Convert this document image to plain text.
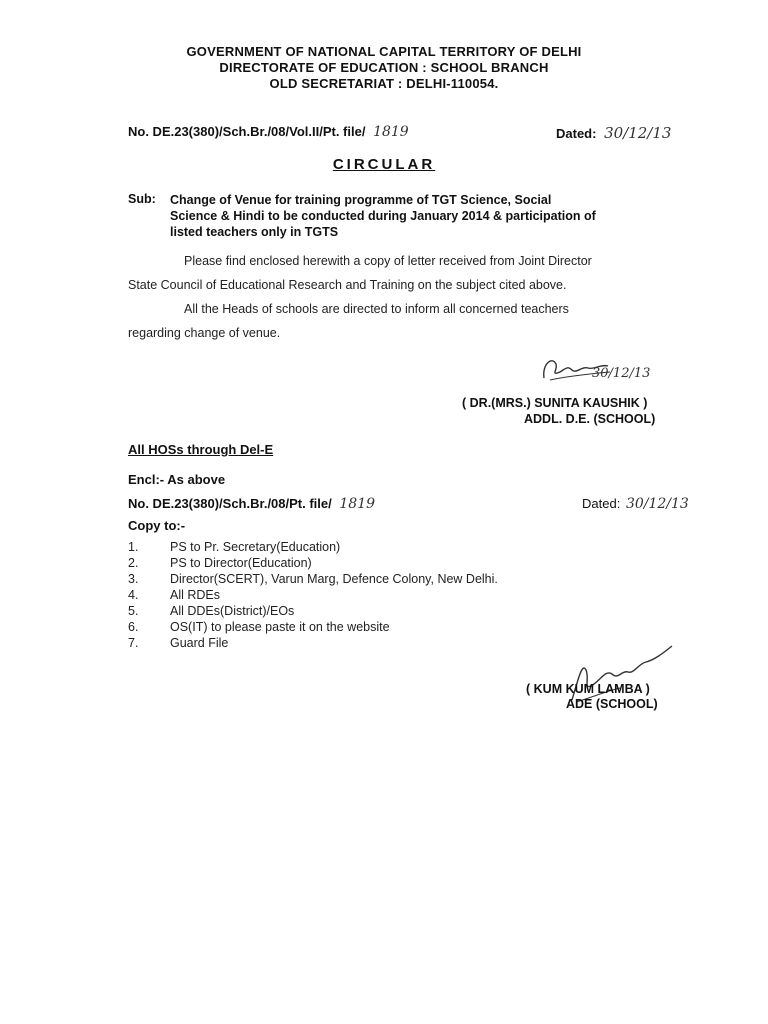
GOVERNMENT OF NATIONAL CAPITAL TERRITORY OF DELHI
DIRECTORATE OF EDUCATION : SCHOOL BRANCH
OLD SECRETARIAT : DELHI-110054.
No. DE.23(380)/Sch.Br./08/Vol.II/Pt. file/ 1819	Dated: 30/12/13
CIRCULAR
Sub: Change of Venue for training programme of TGT Science, Social
Science & Hindi to be conducted during January 2014 & participation of
listed teachers only in TGTS
Please find enclosed herewith a copy of letter received from Joint Director
State Council of Educational Research and Training on the subject cited above.
All the Heads of schools are directed to inform all concerned teachers
regarding change of venue.
30/12/13
( DR.(MRS.) SUNITA KAUSHIK )
ADDL. D.E. (SCHOOL)
All HOSs through Del-E
Encl:- As above
No. DE.23(380)/Sch.Br./08/Pt. file/ 1819	Dated: 30/12/13
Copy to:-
1.	PS to Pr. Secretary(Education)
2.	PS to Director(Education)
3.	Director(SCERT), Varun Marg, Defence Colony, New Delhi.
4.	All RDEs
5.	All DDEs(District)/EOs
6.	OS(IT) to please paste it on the website
7.	Guard File
( KUM KUM LAMBA )
ADE (SCHOOL)
